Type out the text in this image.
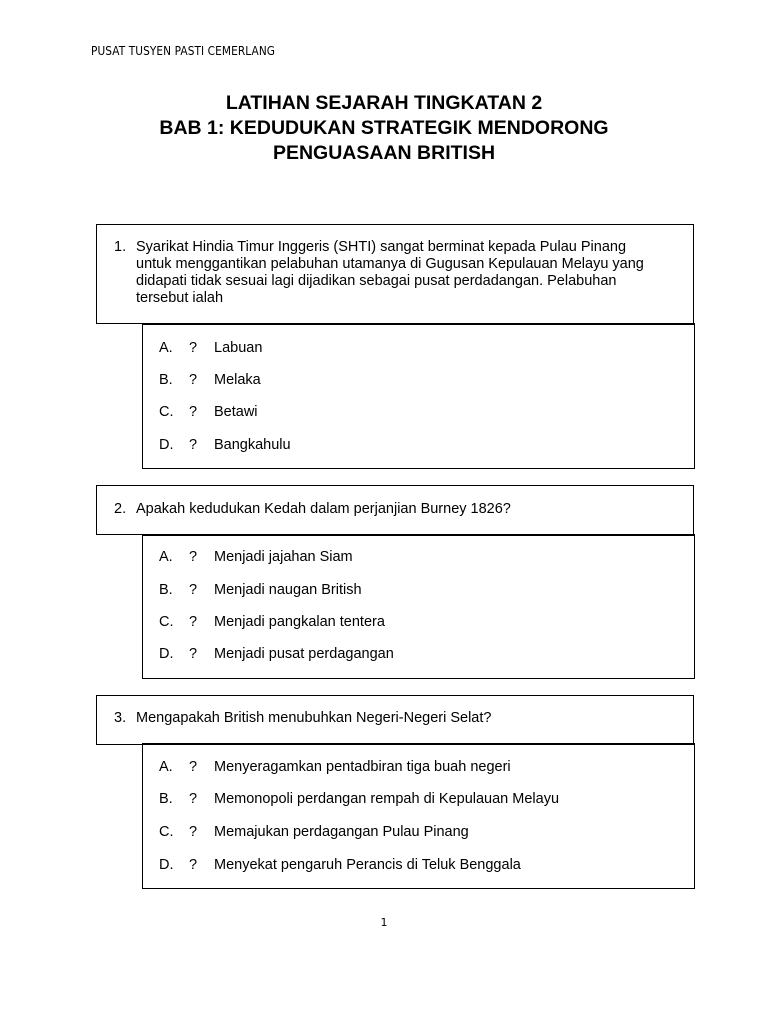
PUSAT TUSYEN PASTI CEMERLANG
LATIHAN SEJARAH TINGKATAN 2
BAB 1: KEDUDUKAN STRATEGIK MENDORONG
PENGUASAAN BRITISH
1. Syarikat Hindia Timur Inggeris (SHTI) sangat berminat kepada Pulau Pinang
untuk menggantikan pelabuhan utamanya di Gugusan Kepulauan Melayu yang
didapati tidak sesuai lagi dijadikan sebagai pusat perdadangan. Pelabuhan
tersebut ialah
A. ? Labuan
B. ? Melaka
C. ? Betawi
D. ? Bangkahulu
2. Apakah kedudukan Kedah dalam perjanjian Burney 1826?
A. ? Menjadi jajahan Siam
B. ? Menjadi naugan British
C. ? Menjadi pangkalan tentera
D. ? Menjadi pusat perdagangan
3. Mengapakah British menubuhkan Negeri-Negeri Selat?
A. ? Menyeragamkan pentadbiran tiga buah negeri
B. ? Memonopoli perdangan rempah di Kepulauan Melayu
C. ? Memajukan perdagangan Pulau Pinang
D. ? Menyekat pengaruh Perancis di Teluk Benggala
1
